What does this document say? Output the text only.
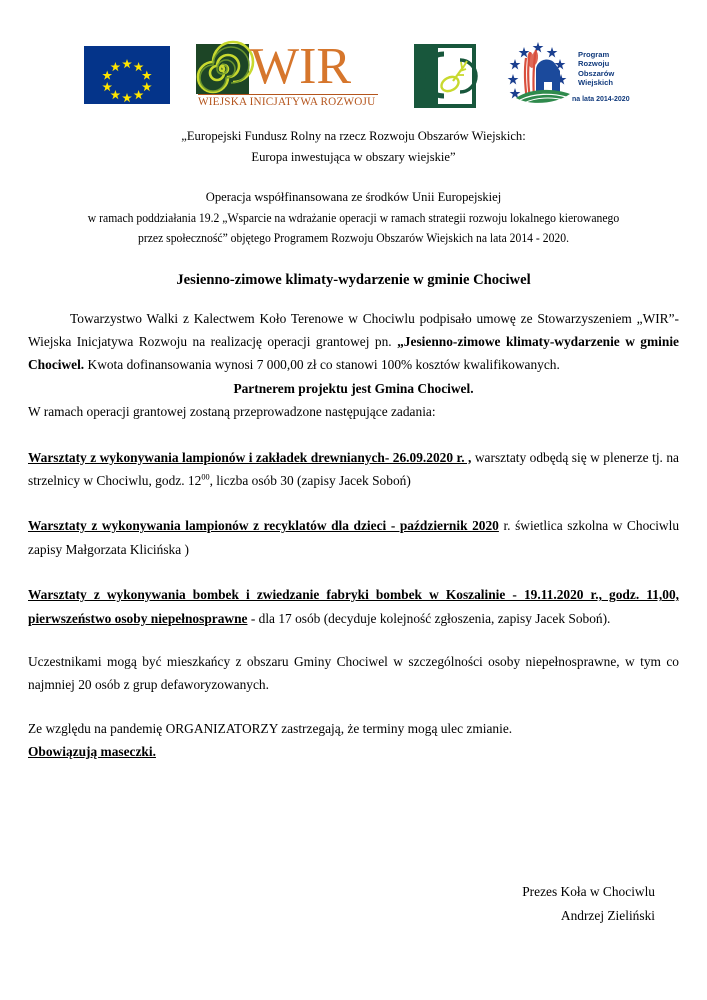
WIR
WIEJSKA INICJATYWA ROZWOJU
LEADER	Program
Rozwoju
Obszarów
Wiejskich
na lata 2014-2020

„Europejski Fundusz Rolny na rzecz Rozwoju Obszarów Wiejskich:

Europa inwestująca w obszary wiejskie”

Operacja współfinansowana ze środków Unii Europejskiej

w ramach poddziałania 19.2 „Wsparcie na wdrażanie operacji w ramach strategii rozwoju lokalnego kierowanego

przez społeczność” objętego Programem Rozwoju Obszarów Wiejskich na lata 2014 - 2020.

Jesienno-zimowe klimaty-wydarzenie w gminie Chociwel

Towarzystwo Walki z Kalectwem Koło Terenowe w Chociwlu podpisało umowę ze Stowarzyszeniem „WIR”- Wiejska Inicjatywa Rozwoju na realizację operacji grantowej pn. „Jesienno-zimowe klimaty-wydarzenie w gminie Chociwel. Kwota dofinansowania wynosi 7 000,00 zł co stanowi 100% kosztów kwalifikowanych.

Partnerem projektu jest Gmina Chociwel.

W ramach operacji grantowej zostaną przeprowadzone następujące zadania:

Warsztaty z wykonywania lampionów i zakładek drewnianych- 26.09.2020 r. , warsztaty odbędą się w plenerze tj. na strzelnicy w Chociwlu, godz. $12^{00}$, liczba osób 30 (zapisy Jacek Soboń)

Warsztaty z wykonywania lampionów z recyklatów dla dzieci - październik 2020 r. świetlica szkolna w Chociwlu zapisy Małgorzata Klicińska )

Warsztaty z wykonywania bombek i zwiedzanie fabryki bombek w Koszalinie - 19.11.2020 r., godz. 11,00, pierwszeństwo osoby niepełnosprawne - dla 17 osób (decyduje kolejność zgłoszenia, zapisy Jacek Soboń).

Uczestnikami mogą być mieszkańcy z obszaru Gminy Chociwel w szczególności osoby niepełnosprawne, w tym co najmniej 20 osób z grup defaworyzowanych.

Ze względu na pandemię ORGANIZATORZY zastrzegają, że terminy mogą ulec zmianie.

Obowiązują maseczki.

Prezes Koła w Chociwlu
Andrzej Zieliński
